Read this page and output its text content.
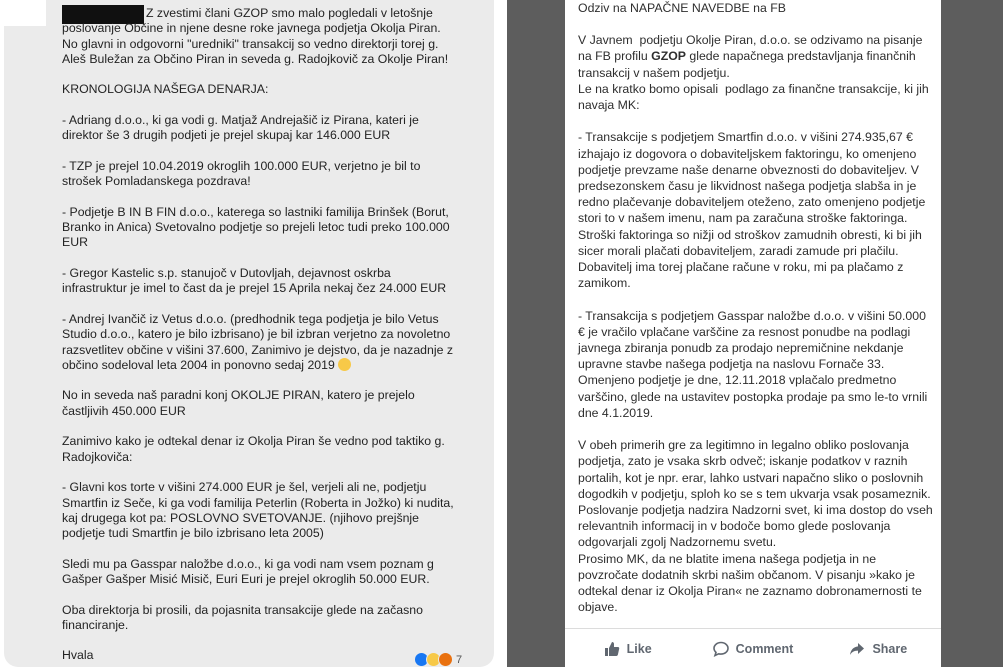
Z zvestimi člani GZOP smo malo pogledali v letošnje poslovanje Občine in njene desne roke javnega podjetja Okolja Piran. No glavni in odgovorni "uredniki" transakcij so vedno direktorji torej g. Aleš Buležan za Občino Piran in seveda g. Radojkovič za Okolje Piran!

KRONOLOGIJA NAŠEGA DENARJA:

- Adriang d.o.o., ki ga vodi g. Matjaž Andrejašič iz Pirana, kateri je direktor še 3 drugih podjeti je prejel skupaj kar 146.000 EUR

- TZP je prejel 10.04.2019 okroglih 100.000 EUR, verjetno je bil to strošek Pomladanskega pozdrava!

- Podjetje B IN B FIN d.o.o., katerega so lastniki familija Brinšek (Borut, Branko in Anica) Svetovalno podjetje so prejeli letoc tudi preko 100.000 EUR

- Gregor Kastelic s.p. stanujoč v Dutovljah, dejavnost oskrba infrastruktur je imel to čast da je prejel 15 Aprila nekaj čez 24.000 EUR

- Andrej Ivančič iz Vetus d.o.o. (predhodnik tega podjetja je bilo Vetus Studio d.o.o., katero je bilo izbrisano) je bil izbran verjetno za novoletno razsvetlitev občine v višini 37.600, Zanimivo je dejstvo, da je nazadnje z občino sodeloval leta 2004 in ponovno sedaj 2019

No in seveda naš paradni konj OKOLJE PIRAN, katero je prejelo častljivih 450.000 EUR

Zanimivo kako je odtekal denar iz Okolja Piran še vedno pod taktiko g. Radojkoviča:

- Glavni kos torte v višini 274.000 EUR je šel, verjeli ali ne, podjetju Smartfin iz Seče, ki ga vodi familija Peterlin (Roberta in Jožko) ki nudita, kaj drugega kot pa: POSLOVNO SVETOVANJE. (njihovo prejšnje podjetje tudi Smartfin je bilo izbrisano leta 2005)

Sledi mu pa Gasspar naložbe d.o.o., ki ga vodi nam vsem poznam g Gašper Gašper Misić Misič, Euri Euri je prejel okroglih 50.000 EUR.

Oba direktorja bi prosili, da pojasnita transakcije glede na začasno financiranje.

Hvala	7

Odziv na NAPAČNE NAVEDBE na FB

V Javnem  podjetju Okolje Piran, d.o.o. se odzivamo na pisanje na FB profilu GZOP glede napačnega predstavljanja finančnih transakcij v našem podjetju.
Le na kratko bomo opisali  podlago za finančne transakcije, ki jih navaja MK:

- Transakcije s podjetjem Smartfin d.o.o. v višini 274.935,67 € izhajajo iz dogovora o dobaviteljskem faktoringu, ko omenjeno podjetje prevzame naše denarne obveznosti do dobaviteljev. V predsezonskem času je likvidnost našega podjetja slabša in je redno plačevanje dobaviteljem oteženo, zato omenjeno podjetje stori to v našem imenu, nam pa zaračuna stroške faktoringa. Stroški faktoringa so nižji od stroškov zamudnih obresti, ki bi jih sicer morali plačati dobaviteljem, zaradi zamude pri plačilu. Dobavitelj ima torej plačane račune v roku, mi pa plačamo z zamikom.

- Transakcija s podjetjem Gasspar naložbe d.o.o. v višini 50.000 € je vračilo vplačane varščine za resnost ponudbe na podlagi javnega zbiranja ponudb za prodajo nepremičnine nekdanje upravne stavbe našega podjetja na naslovu Fornače 33. Omenjeno podjetje je dne, 12.11.2018 vplačalo predmetno varščino, glede na ustavitev postopka prodaje pa smo le-to vrnili dne 4.1.2019.

V obeh primerih gre za legitimno in legalno obliko poslovanja podjetja, zato je vsaka skrb odveč; iskanje podatkov v raznih portalih, kot je npr. erar, lahko ustvari napačno sliko o poslovnih dogodkih v podjetju, sploh ko se s tem ukvarja vsak posameznik. Poslovanje podjetja nadzira Nadzorni svet, ki ima dostop do vseh relevantnih informacij in v bodoče bomo glede poslovanja odgovarjali zgolj Nadzornemu svetu.
Prosimo MK, da ne blatite imena našega podjetja in ne povzročate dodatnih skrbi našim občanom. V pisanju »kako je odtekal denar iz Okolja Piran« ne zaznamo dobronamernosti te objave.

Like	Comment	Share
